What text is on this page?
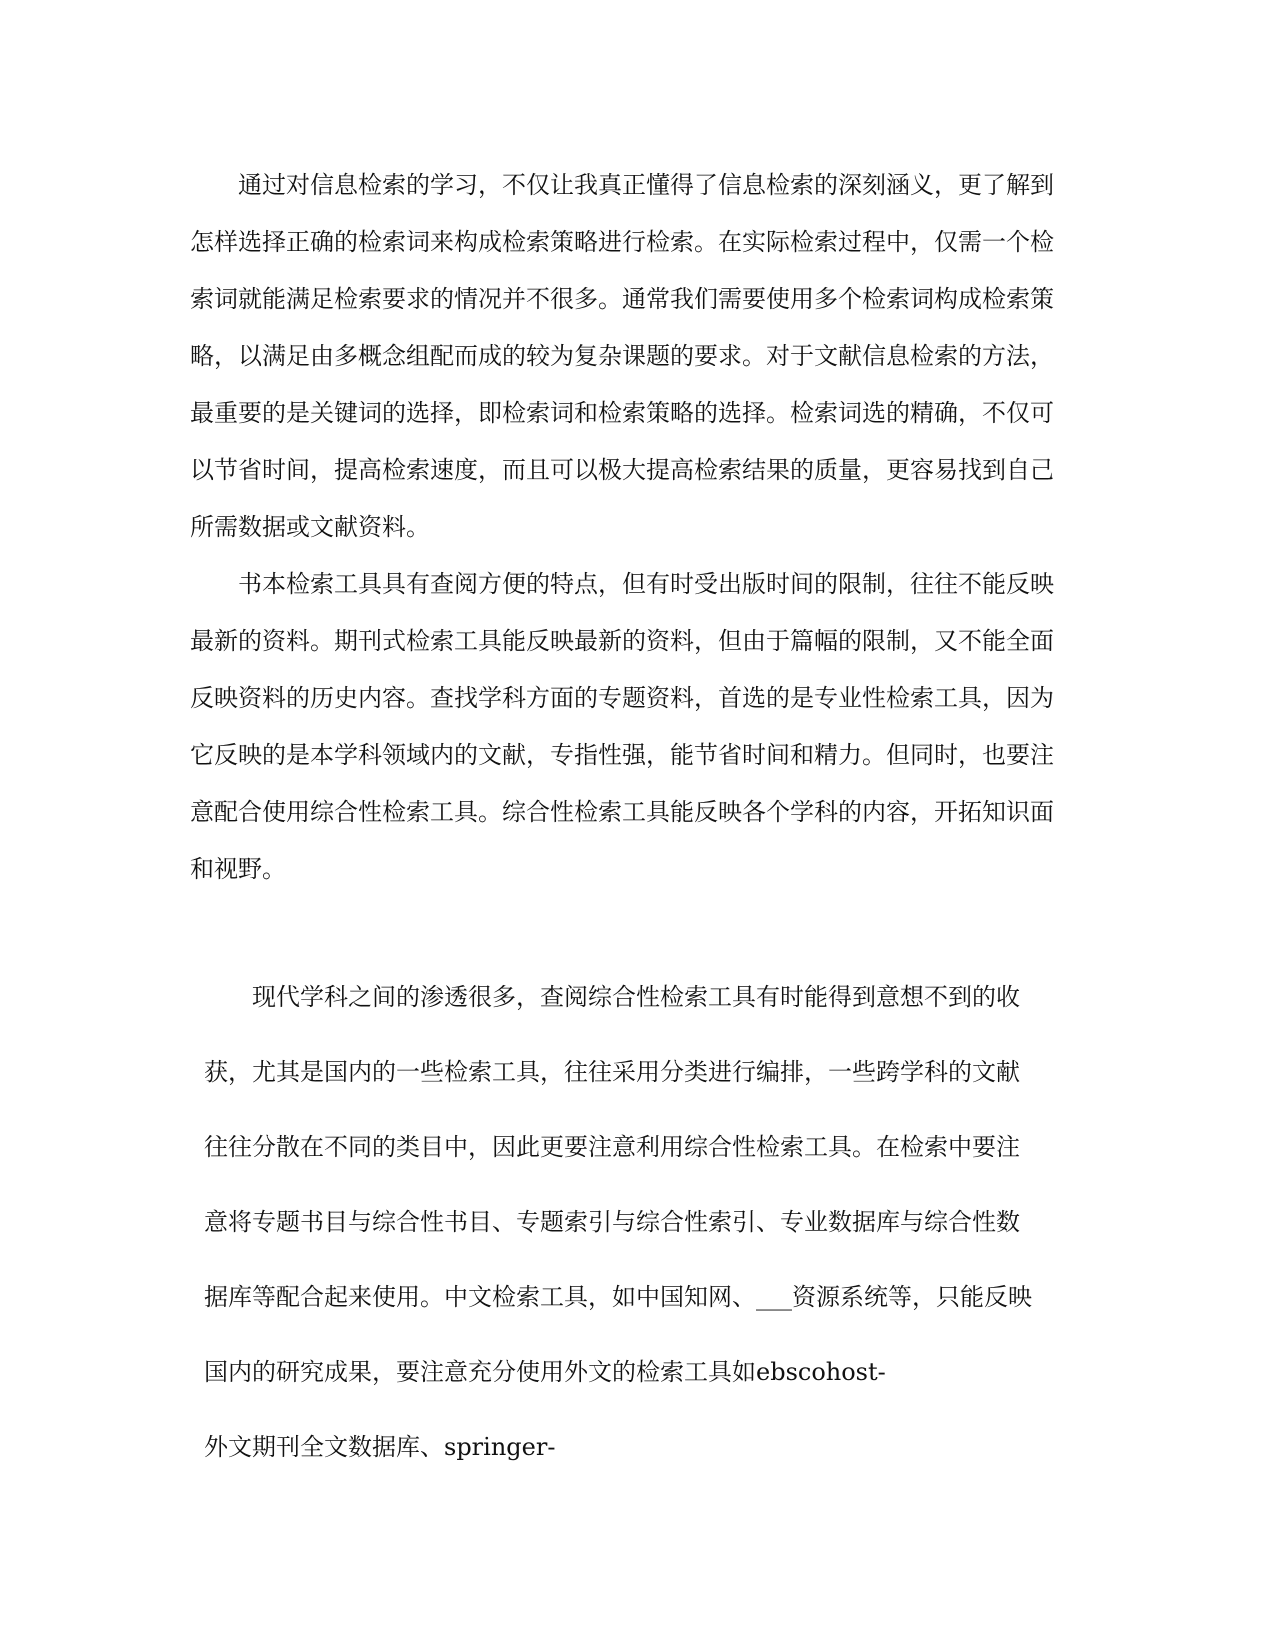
通过对信息检索的学习，不仅让我真正懂得了信息检索的深刻涵义，更了解到

怎样选择正确的检索词来构成检索策略进行检索。在实际检索过程中，仅需一个检

索词就能满足检索要求的情况并不很多。通常我们需要使用多个检索词构成检索策

略，以满足由多概念组配而成的较为复杂课题的要求。对于文献信息检索的方法，

最重要的是关键词的选择，即检索词和检索策略的选择。检索词选的精确，不仅可

以节省时间，提高检索速度，而且可以极大提高检索结果的质量，更容易找到自己

所需数据或文献资料。

书本检索工具具有查阅方便的特点，但有时受出版时间的限制，往往不能反映

最新的资料。期刊式检索工具能反映最新的资料，但由于篇幅的限制，又不能全面

反映资料的历史内容。查找学科方面的专题资料，首选的是专业性检索工具，因为

它反映的是本学科领域内的文献，专指性强，能节省时间和精力。但同时，也要注

意配合使用综合性检索工具。综合性检索工具能反映各个学科的内容，开拓知识面

和视野。

现代学科之间的渗透很多，查阅综合性检索工具有时能得到意想不到的收

获，尤其是国内的一些检索工具，往往采用分类进行编排，一些跨学科的文献

往往分散在不同的类目中，因此更要注意利用综合性检索工具。在检索中要注

意将专题书目与综合性书目、专题索引与综合性索引、专业数据库与综合性数

据库等配合起来使用。中文检索工具，如中国知网、___资源系统等，只能反映

国内的研究成果，要注意充分使用外文的检索工具如ebscohost-

外文期刊全文数据库、springer-
